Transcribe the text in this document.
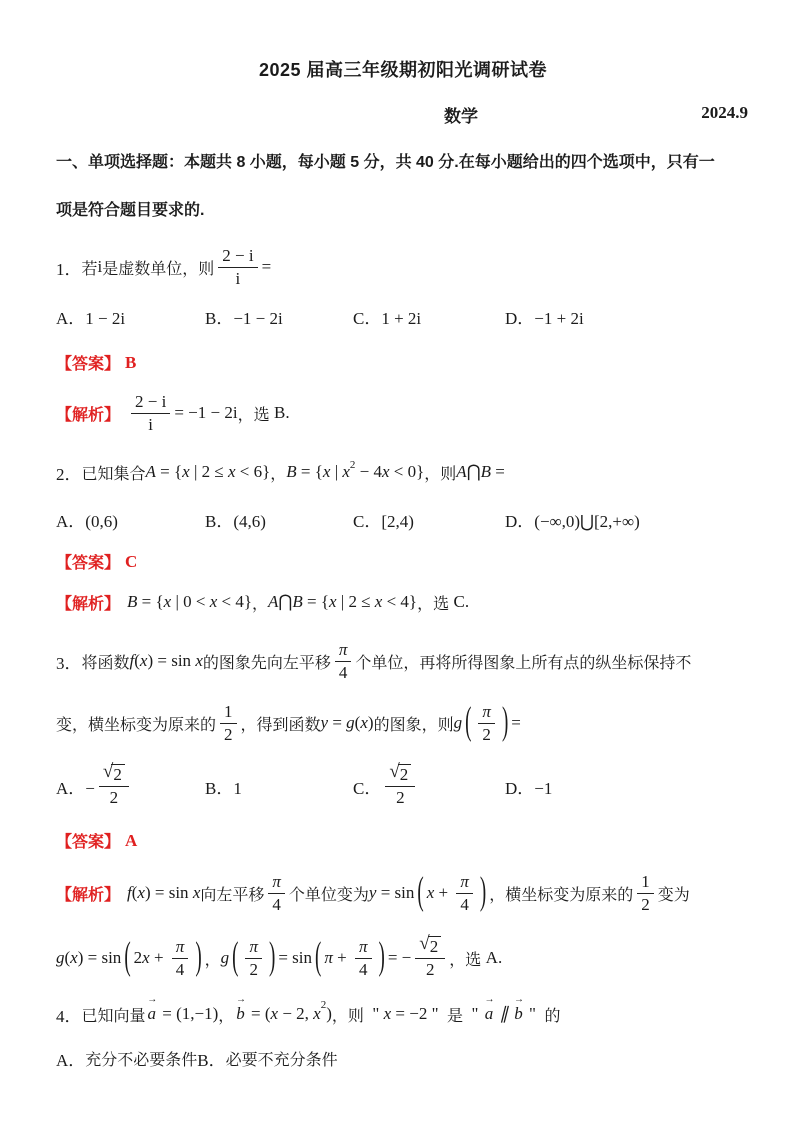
2025 届高三年级期初阳光调研试卷
数学	2024.9
一、单项选择题：本题共 8 小题，每小题 5 分，共 40 分.在每小题给出的四个选项中，只有一
项是符合题目要求的.
1． 若 i 是虚数单位，则
2 − i
i
=
A．1 − 2i	B．−1 − 2i	C．1 + 2i	D．−1 + 2i
【答案】 B
【解析】
2 − i
i
= −1 − 2i ，选 B.
2． 已知集合 A = { x | 2 ≤ x < 6} ， B = { x | x 2 − 4 x < 0} ，则 A ⋂ B =
A．(0,6)	B．(4,6)	C．[2,4)	D．(−∞,0)⋃[2,+∞)
【答案】 C
【解析】 B = { x | 0 < x < 4} ， A ⋂ B = { x | 2 ≤ x < 4} ，选 C.
3． 将函数 f ( x ) = sin x 的图象先向左平移
π
4 个单位，再将所得图象上所有点的纵坐标保持不
变，横坐标变为原来的
1
2 ，得到函数 y = g ( x ) 的图象，则 g ( π
2 ) =
A．− $\frac{√ 2}{2}$	B．1	C． $\frac{√ 2}{2}$	D．−1
【答案】 A
【解析】 f ( x ) = sin x 向左平移
π
4 个单位变为 y = sin ( x +
π
4 ) ，横坐标变为原来的
1
2 变为
g ( x ) = sin ( 2 x +
π
4 ) ， g ( π
2 ) = sin ( π +
π
4 ) = −
√ 2
2 ，选 A.
4． 已知向量
→
a = (1,−1) ，
→
b = ( x − 2, x 2 ) ，则 " x = −2 " 是 "
→
a ∥
→
b " 的
A． 充分不必要条件 B． 必要不充分条件
